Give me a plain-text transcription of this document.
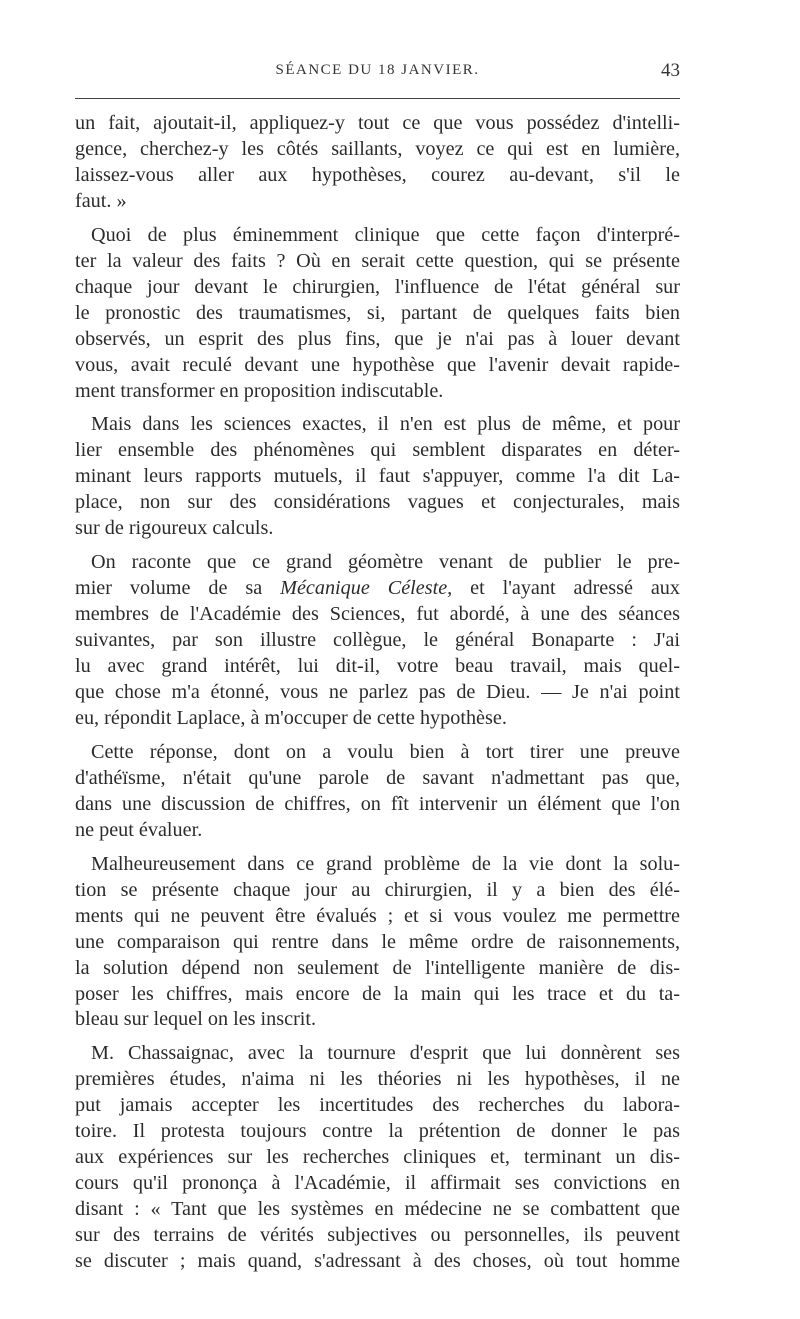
SÉANCE DU 18 JANVIER.	43
un fait, ajoutait-il, appliquez-y tout ce que vous possédez d'intelli-
gence, cherchez-y les côtés saillants, voyez ce qui est en lumière,
laissez-vous aller aux hypothèses, courez au-devant, s'il le
faut. »
Quoi de plus éminemment clinique que cette façon d'interpré-
ter la valeur des faits ? Où en serait cette question, qui se présente
chaque jour devant le chirurgien, l'influence de l'état général sur
le pronostic des traumatismes, si, partant de quelques faits bien
observés, un esprit des plus fins, que je n'ai pas à louer devant
vous, avait reculé devant une hypothèse que l'avenir devait rapide-
ment transformer en proposition indiscutable.
Mais dans les sciences exactes, il n'en est plus de même, et pour
lier ensemble des phénomènes qui semblent disparates en déter-
minant leurs rapports mutuels, il faut s'appuyer, comme l'a dit La-
place, non sur des considérations vagues et conjecturales, mais
sur de rigoureux calculs.
On raconte que ce grand géomètre venant de publier le pre-
mier volume de sa Mécanique Céleste, et l'ayant adressé aux
membres de l'Académie des Sciences, fut abordé, à une des séances
suivantes, par son illustre collègue, le général Bonaparte : J'ai
lu avec grand intérêt, lui dit-il, votre beau travail, mais quel-
que chose m'a étonné, vous ne parlez pas de Dieu. — Je n'ai point
eu, répondit Laplace, à m'occuper de cette hypothèse.
Cette réponse, dont on a voulu bien à tort tirer une preuve
d'athéïsme, n'était qu'une parole de savant n'admettant pas que,
dans une discussion de chiffres, on fît intervenir un élément que l'on
ne peut évaluer.
Malheureusement dans ce grand problème de la vie dont la solu-
tion se présente chaque jour au chirurgien, il y a bien des élé-
ments qui ne peuvent être évalués ; et si vous voulez me permettre
une comparaison qui rentre dans le même ordre de raisonnements,
la solution dépend non seulement de l'intelligente manière de dis-
poser les chiffres, mais encore de la main qui les trace et du ta-
bleau sur lequel on les inscrit.
M. Chassaignac, avec la tournure d'esprit que lui donnèrent ses
premières études, n'aima ni les théories ni les hypothèses, il ne
put jamais accepter les incertitudes des recherches du labora-
toire. Il protesta toujours contre la prétention de donner le pas
aux expériences sur les recherches cliniques et, terminant un dis-
cours qu'il prononça à l'Académie, il affirmait ses convictions en
disant : « Tant que les systèmes en médecine ne se combattent que
sur des terrains de vérités subjectives ou personnelles, ils peuvent
se discuter ; mais quand, s'adressant à des choses, où tout homme
